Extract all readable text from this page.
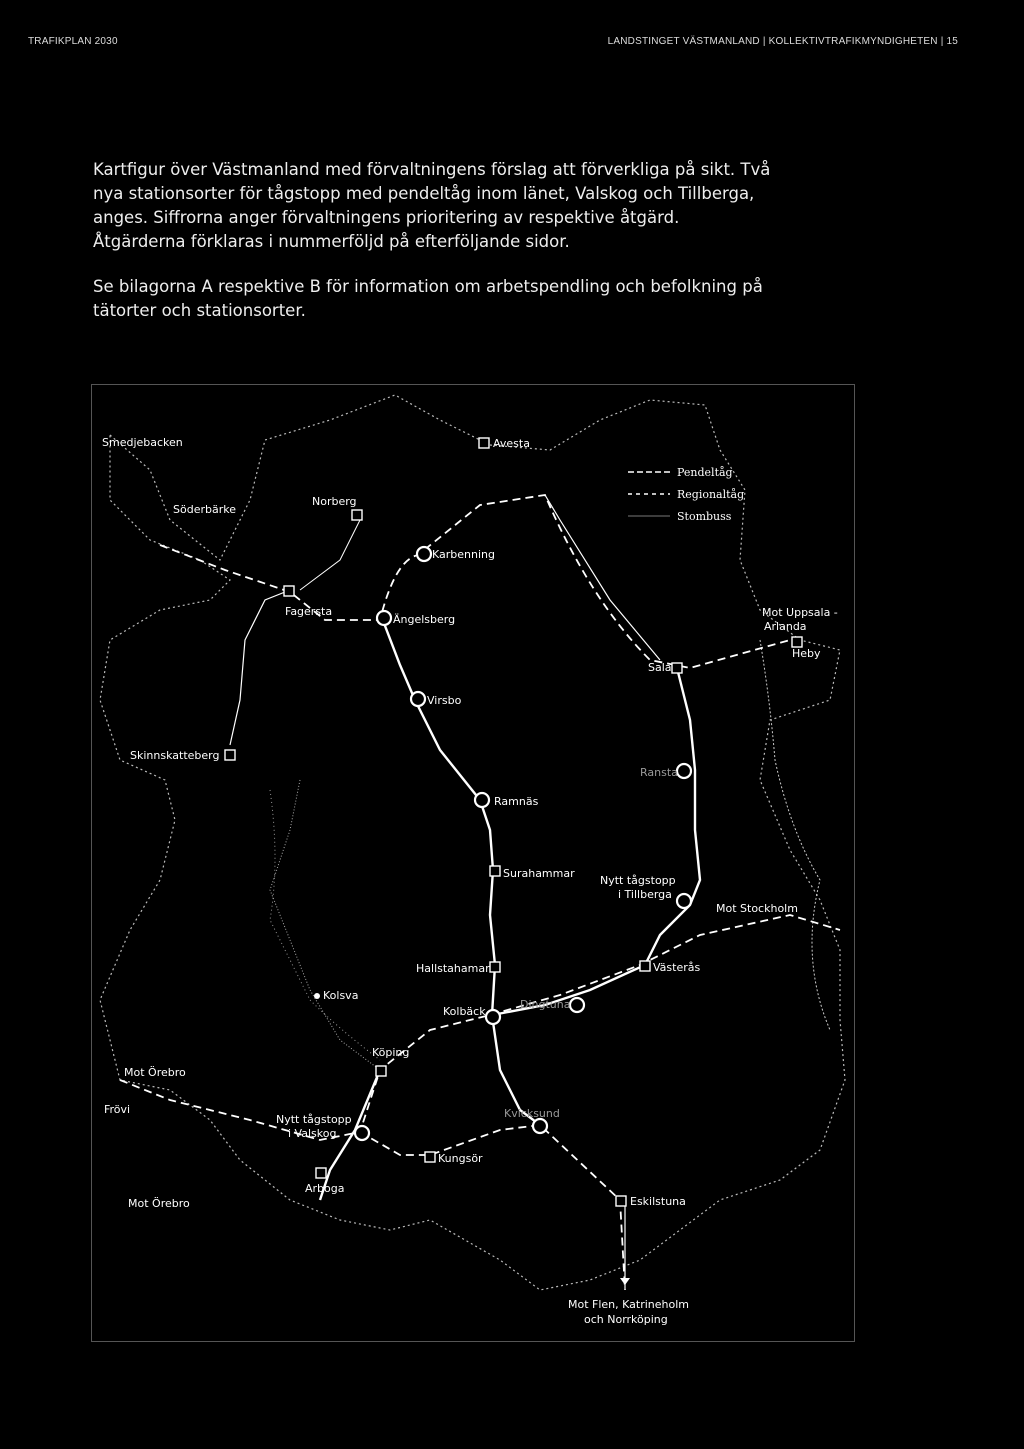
TRAFIKPLAN 2030	LANDSTINGET VÄSTMANLAND | KOLLEKTIVTRAFIKMYNDIGHETEN | 15

Kartfigur över Västmanland med förvaltningens förslag att förverkliga på sikt. Två nya stationsorter för tågstopp med pendeltåg inom länet, Valskog och Tillberga, anges. Siffrorna anger förvaltningens prioritering av respektive åtgärd. Åtgärderna förklaras i nummerföljd på efterföljande sidor.

Se bilagorna A respektive B för information om arbetspendling och befolkning på tätorter och stationsorter.

Pendeltåg
Regionaltåg
Stombuss
Smedjebacken
Söderbärke
Norberg
Avesta
Karbenning
Fagersta
Ängelsberg
Mot Uppsala -
Arlanda
Heby
Sala
Virsbo
Skinnskatteberg
Ransta
Ramnäs
Surahammar
Nytt tågstopp
i Tillberga
Mot Stockholm
Hallstahamar	Västerås
Kolsva
Dingtuna
Kolbäck
Köping
Mot Örebro
Frövi
Nytt tågstopp
i Valskog
Kvicksund
Kungsör
Arboga
Mot Örebro	Eskilstuna
Mot Flen, Katrineholm
och Norrköping
